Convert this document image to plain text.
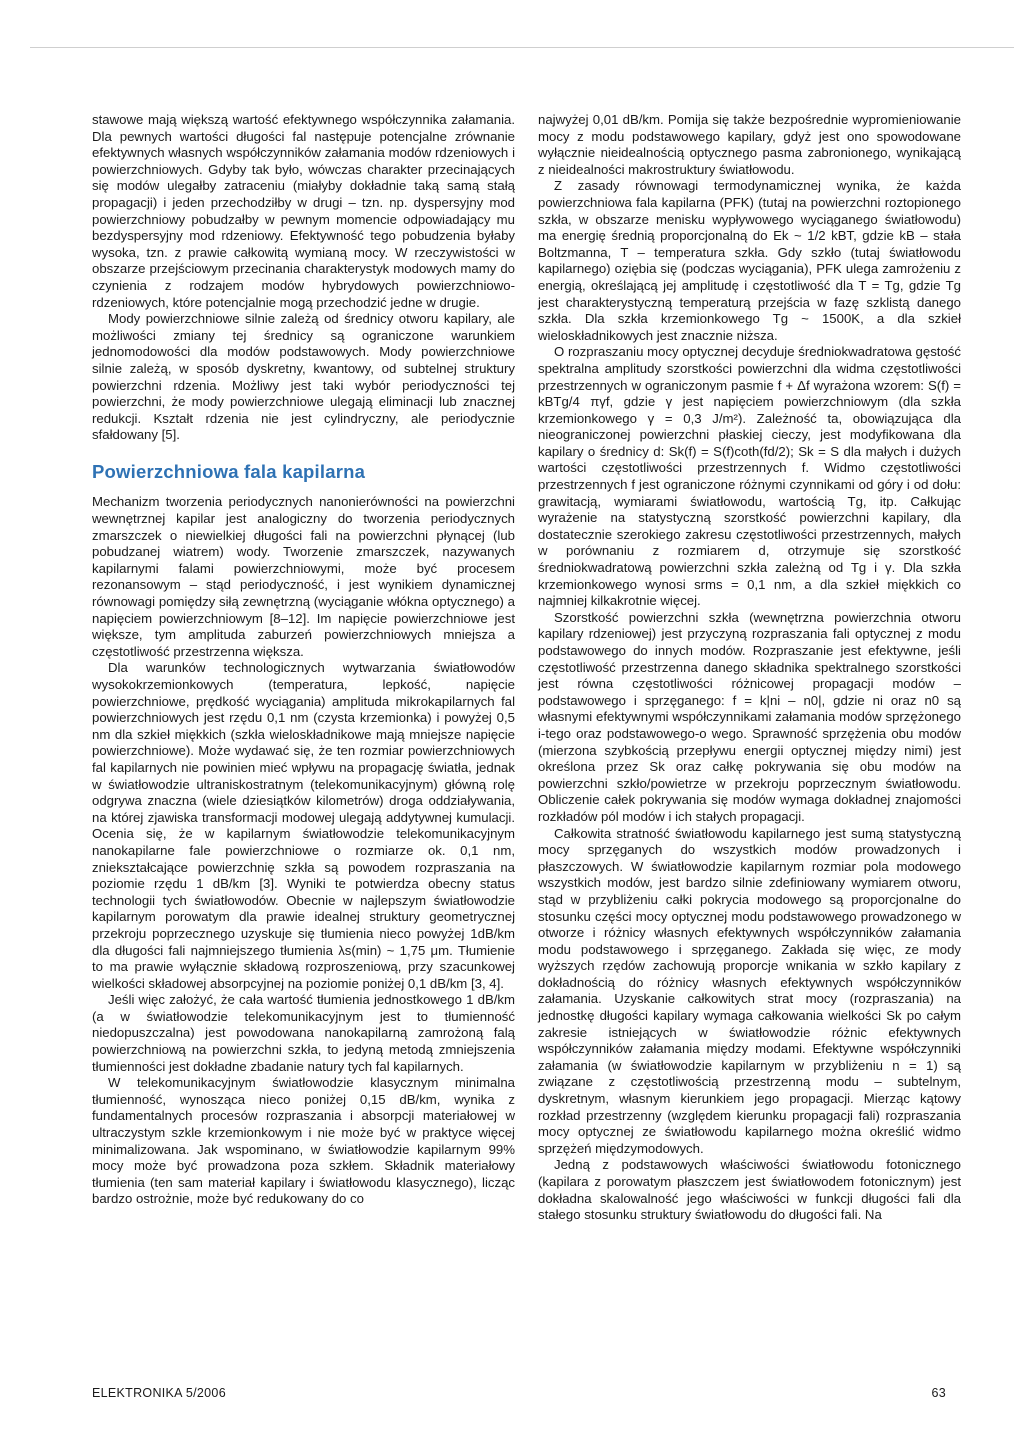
stawowe mają większą wartość efektywnego współczynnika załamania. Dla pewnych wartości długości fal następuje potencjalne zrównanie efektywnych własnych współczynników załamania modów rdzeniowych i powierzchniowych. Gdyby tak było, wówczas charakter przecinających się modów ulegałby zatraceniu (miałyby dokładnie taką samą stałą propagacji) i jeden przechodziłby w drugi – tzn. np. dyspersyjny mod powierzchniowy pobudzałby w pewnym momencie odpowiadający mu bezdyspersyjny mod rdzeniowy. Efektywność tego pobudzenia byłaby wysoka, tzn. z prawie całkowitą wymianą mocy. W rzeczywistości w obszarze przejściowym przecinania charakterystyk modowych mamy do czynienia z rodzajem modów hybrydowych powierzchniowo-rdzeniowych, które potencjalnie mogą przechodzić jedne w drugie.

Mody powierzchniowe silnie zależą od średnicy otworu kapilary, ale możliwości zmiany tej średnicy są ograniczone warunkiem jednomodowości dla modów podstawowych. Mody powierzchniowe silnie zależą, w sposób dyskretny, kwantowy, od subtelnej struktury powierzchni rdzenia. Możliwy jest taki wybór periodyczności tej powierzchni, że mody powierzchniowe ulegają eliminacji lub znacznej redukcji. Kształt rdzenia nie jest cylindryczny, ale periodycznie sfałdowany [5].

Powierzchniowa fala kapilarna

Mechanizm tworzenia periodycznych nanonierówności na powierzchni wewnętrznej kapilar jest analogiczny do tworzenia periodycznych zmarszczek o niewielkiej długości fali na powierzchni płynącej (lub pobudzanej wiatrem) wody. Tworzenie zmarszczek, nazywanych kapilarnymi falami powierzchniowymi, może być procesem rezonansowym – stąd periodyczność, i jest wynikiem dynamicznej równowagi pomiędzy siłą zewnętrzną (wyciąganie włókna optycznego) a napięciem powierzchniowym [8–12]. Im napięcie powierzchniowe jest większe, tym amplituda zaburzeń powierzchniowych mniejsza a częstotliwość przestrzenna większa.

Dla warunków technologicznych wytwarzania światłowodów wysokokrzemionkowych (temperatura, lepkość, napięcie powierzchniowe, prędkość wyciągania) amplituda mikrokapilarnych fal powierzchniowych jest rzędu 0,1 nm (czysta krzemionka) i powyżej 0,5 nm dla szkieł miękkich (szkła wieloskładnikowe mają mniejsze napięcie powierzchniowe). Może wydawać się, że ten rozmiar powierzchniowych fal kapilarnych nie powinien mieć wpływu na propagację światła, jednak w światłowodzie ultraniskostratnym (telekomunikacyjnym) główną rolę odgrywa znaczna (wiele dziesiątków kilometrów) droga oddziaływania, na której zjawiska transformacji modowej ulegają addytywnej kumulacji. Ocenia się, że w kapilarnym światłowodzie telekomunikacyjnym nanokapilarne fale powierzchniowe o rozmiarze ok. 0,1 nm, zniekształcające powierzchnię szkła są powodem rozpraszania na poziomie rzędu 1 dB/km [3]. Wyniki te potwierdza obecny status technologii tych światłowodów. Obecnie w najlepszym światłowodzie kapilarnym porowatym dla prawie idealnej struktury geometrycznej przekroju poprzecznego uzyskuje się tłumienia nieco powyżej 1dB/km dla długości fali najmniejszego tłumienia λs(min) ~ 1,75 μm. Tłumienie to ma prawie wyłącznie składową rozproszeniową, przy szacunkowej wielkości składowej absorpcyjnej na poziomie poniżej 0,1 dB/km [3, 4].

Jeśli więc założyć, że cała wartość tłumienia jednostkowego 1 dB/km (a w światłowodzie telekomunikacyjnym jest to tłumienność niedopuszczalna) jest powodowana nanokapilarną zamrożoną falą powierzchniową na powierzchni szkła, to jedyną metodą zmniejszenia tłumienności jest dokładne zbadanie natury tych fal kapilarnych.

W telekomunikacyjnym światłowodzie klasycznym minimalna tłumienność, wynosząca nieco poniżej 0,15 dB/km, wynika z fundamentalnych procesów rozpraszania i absorpcji materiałowej w ultraczystym szkle krzemionkowym i nie może być w praktyce więcej minimalizowana. Jak wspominano, w światłowodzie kapilarnym 99% mocy może być prowadzona poza szkłem. Składnik materiałowy tłumienia (ten sam materiał kapilary i światłowodu klasycznego), licząc bardzo ostrożnie, może być redukowany do co

najwyżej 0,01 dB/km. Pomija się także bezpośrednie wypromieniowanie mocy z modu podstawowego kapilary, gdyż jest ono spowodowane wyłącznie nieidealnością optycznego pasma zabronionego, wynikającą z nieidealności makrostruktury światłowodu.

Z zasady równowagi termodynamicznej wynika, że każda powierzchniowa fala kapilarna (PFK) (tutaj na powierzchni roztopionego szkła, w obszarze menisku wypływowego wyciąganego światłowodu) ma energię średnią proporcjonalną do Ek ~ 1/2 kBT, gdzie kB – stała Boltzmanna, T – temperatura szkła. Gdy szkło (tutaj światłowodu kapilarnego) oziębia się (podczas wyciągania), PFK ulega zamrożeniu z energią, określającą jej amplitudę i częstotliwość dla T = Tg, gdzie Tg jest charakterystyczną temperaturą przejścia w fazę szklistą danego szkła. Dla szkła krzemionkowego Tg ~ 1500K, a dla szkieł wieloskładnikowych jest znacznie niższa.

O rozpraszaniu mocy optycznej decyduje średniokwadratowa gęstość spektralna amplitudy szorstkości powierzchni dla widma częstotliwości przestrzennych w ograniczonym pasmie f + Δf wyrażona wzorem: S(f) = kBTg/4 πγf, gdzie γ jest napięciem powierzchniowym (dla szkła krzemionkowego γ = 0,3 J/m²). Zależność ta, obowiązująca dla nieograniczonej powierzchni płaskiej cieczy, jest modyfikowana dla kapilary o średnicy d: Sk(f) = S(f)coth(fd/2); Sk = S dla małych i dużych wartości częstotliwości przestrzennych f. Widmo częstotliwości przestrzennych f jest ograniczone różnymi czynnikami od góry i od dołu: grawitacją, wymiarami światłowodu, wartością Tg, itp. Całkując wyrażenie na statystyczną szorstkość powierzchni kapilary, dla dostatecznie szerokiego zakresu częstotliwości przestrzennych, małych w porównaniu z rozmiarem d, otrzymuje się szorstkość średniokwadratową powierzchni szkła zależną od Tg i γ. Dla szkła krzemionkowego wynosi srms = 0,1 nm, a dla szkieł miękkich co najmniej kilkakrotnie więcej.

Szorstkość powierzchni szkła (wewnętrzna powierzchnia otworu kapilary rdzeniowej) jest przyczyną rozpraszania fali optycznej z modu podstawowego do innych modów. Rozpraszanie jest efektywne, jeśli częstotliwość przestrzenna danego składnika spektralnego szorstkości jest równa częstotliwości różnicowej propagacji modów – podstawowego i sprzęganego: f = k|ni – n0|, gdzie ni oraz n0 są własnymi efektywnymi współczynnikami załamania modów sprzężonego i-tego oraz podstawowego-o wego. Sprawność sprzężenia obu modów (mierzona szybkością przepływu energii optycznej między nimi) jest określona przez Sk oraz całkę pokrywania się obu modów na powierzchni szkło/powietrze w przekroju poprzecznym światłowodu. Obliczenie całek pokrywania się modów wymaga dokładnej znajomości rozkładów pól modów i ich stałych propagacji.

Całkowita stratność światłowodu kapilarnego jest sumą statystyczną mocy sprzęganych do wszystkich modów prowadzonych i płaszczowych. W światłowodzie kapilarnym rozmiar pola modowego wszystkich modów, jest bardzo silnie zdefiniowany wymiarem otworu, stąd w przybliżeniu całki pokrycia modowego są proporcjonalne do stosunku części mocy optycznej modu podstawowego prowadzonego w otworze i różnicy własnych efektywnych współczynników załamania modu podstawowego i sprzęganego. Zakłada się więc, ze mody wyższych rzędów zachowują proporcje wnikania w szkło kapilary z dokładnością do różnicy własnych efektywnych współczynników załamania. Uzyskanie całkowitych strat mocy (rozpraszania) na jednostkę długości kapilary wymaga całkowania wielkości Sk po całym zakresie istniejących w światłowodzie różnic efektywnych współczynników załamania między modami. Efektywne współczynniki załamania (w światłowodzie kapilarnym w przybliżeniu n = 1) są związane z częstotliwością przestrzenną modu – subtelnym, dyskretnym, własnym kierunkiem jego propagacji. Mierząc kątowy rozkład przestrzenny (względem kierunku propagacji fali) rozpraszania mocy optycznej ze światłowodu kapilarnego można określić widmo sprzężeń międzymodowych.

Jedną z podstawowych właściwości światłowodu fotonicznego (kapilara z porowatym płaszczem jest światłowodem fotonicznym) jest dokładna skalowalność jego właściwości w funkcji długości fali dla stałego stosunku struktury światłowodu do długości fali. Na

ELEKTRONIKA 5/2006	63
